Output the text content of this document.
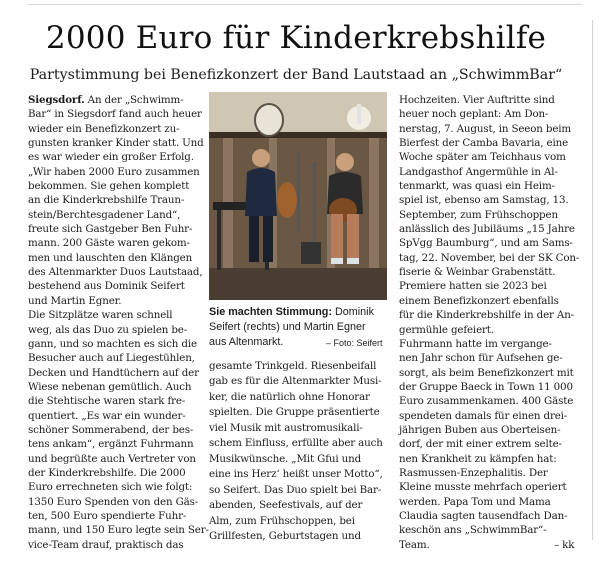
2000 Euro für Kinderkrebshilfe
Partystimmung bei Benefizkonzert der Band Lautstaad an „SchwimmBar“
Siegsdorf. An der „Schwimm-
Bar“ in Siegsdorf fand auch heuer
wieder ein Benefizkonzert zu-
gunsten kranker Kinder statt. Und
es war wieder ein großer Erfolg.
„Wir haben 2000 Euro zusammen
bekommen. Sie gehen komplett
an die Kinderkrebshilfe Traun-
stein/Berchtesgadener Land“,
freute sich Gastgeber Ben Fuhr-
mann. 200 Gäste waren gekom-
men und lauschten den Klängen
des Altenmarkter Duos Lautstaad,
bestehend aus Dominik Seifert
und Martin Egner.
Die Sitzplätze waren schnell
weg, als das Duo zu spielen be-
gann, und so machten es sich die
Besucher auch auf Liegestühlen,
Decken und Handtüchern auf der
Wiese nebenan gemütlich. Auch
die Stehtische waren stark fre-
quentiert. „Es war ein wunder-
schöner Sommerabend, der bes-
tens ankam“, ergänzt Fuhrmann
und begrüßte auch Vertreter von
der Kinderkrebshilfe. Die 2000
Euro errechneten sich wie folgt:
1350 Euro Spenden von den Gäs-
ten, 500 Euro spendierte Fuhr-
mann, und 150 Euro legte sein Ser-
vice-Team drauf, praktisch das
Sie machten Stimmung: Dominik
Seifert (rechts) und Martin Egner
aus Altenmarkt.	– Foto: Seifert
gesamte Trinkgeld. Riesenbeifall
gab es für die Altenmarkter Musi-
ker, die natürlich ohne Honorar
spielten. Die Gruppe präsentierte
viel Musik mit austromusikali-
schem Einfluss, erfüllte aber auch
Musikwünsche. „Mit Gfui und
eine ins Herz‘ heißt unser Motto“,
so Seifert. Das Duo spielt bei Bar-
abenden, Seefestivals, auf der
Alm, zum Frühschoppen, bei
Grillfesten, Geburtstagen und
Hochzeiten. Vier Auftritte sind
heuer noch geplant: Am Don-
nerstag, 7. August, in Seeon beim
Bierfest der Camba Bavaria, eine
Woche später am Teichhaus vom
Landgasthof Angermühle in Al-
tenmarkt, was quasi ein Heim-
spiel ist, ebenso am Samstag, 13.
September, zum Frühschoppen
anlässlich des Jubiläums „15 Jahre
SpVgg Baumburg“, und am Sams-
tag, 22. November, bei der SK Con-
fiserie & Weinbar Grabenstätt.
Premiere hatten sie 2023 bei
einem Benefizkonzert ebenfalls
für die Kinderkrebshilfe in der An-
germühle gefeiert.
Fuhrmann hatte im vergange-
nen Jahr schon für Aufsehen ge-
sorgt, als beim Benefizkonzert mit
der Gruppe Baeck in Town 11 000
Euro zusammenkamen. 400 Gäste
spendeten damals für einen drei-
jährigen Buben aus Oberteisen-
dorf, der mit einer extrem selte-
nen Krankheit zu kämpfen hat:
Rasmussen-Enzephalitis. Der
Kleine musste mehrfach operiert
werden. Papa Tom und Mama
Claudia sagten tausendfach Dan-
keschön ans „SchwimmBar“-
Team.	– kk
